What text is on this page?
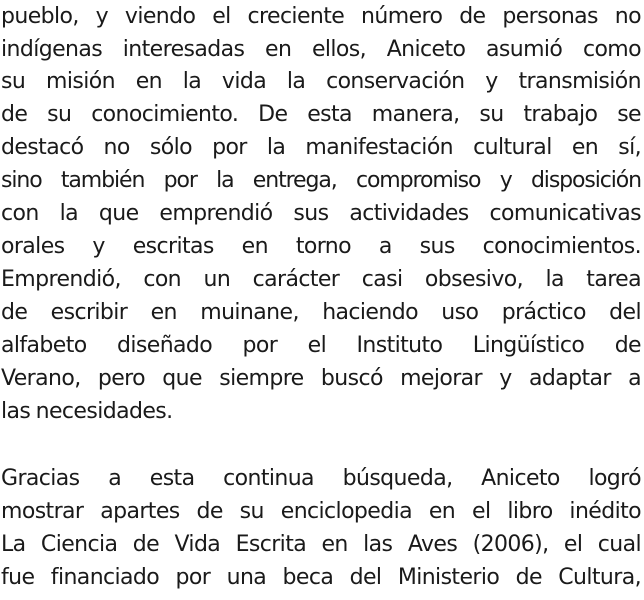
pueblo, y viendo el creciente número de personas no
indígenas interesadas en ellos, Aniceto asumió como
su misión en la vida la conservación y transmisión
de su conocimiento. De esta manera, su trabajo se
destacó no sólo por la manifestación cultural en sí,
sino también por la entrega, compromiso y disposición
con la que emprendió sus actividades comunicativas
orales y escritas en torno a sus conocimientos.
Emprendió, con un carácter casi obsesivo, la tarea
de escribir en muinane, haciendo uso práctico del
alfabeto diseñado por el Instituto Lingüístico de
Verano, pero que siempre buscó mejorar y adaptar a
las necesidades.
Gracias a esta continua búsqueda, Aniceto logró
mostrar apartes de su enciclopedia en el libro inédito
La Ciencia de Vida Escrita en las Aves (2006), el cual
fue financiado por una beca del Ministerio de Cultura,
